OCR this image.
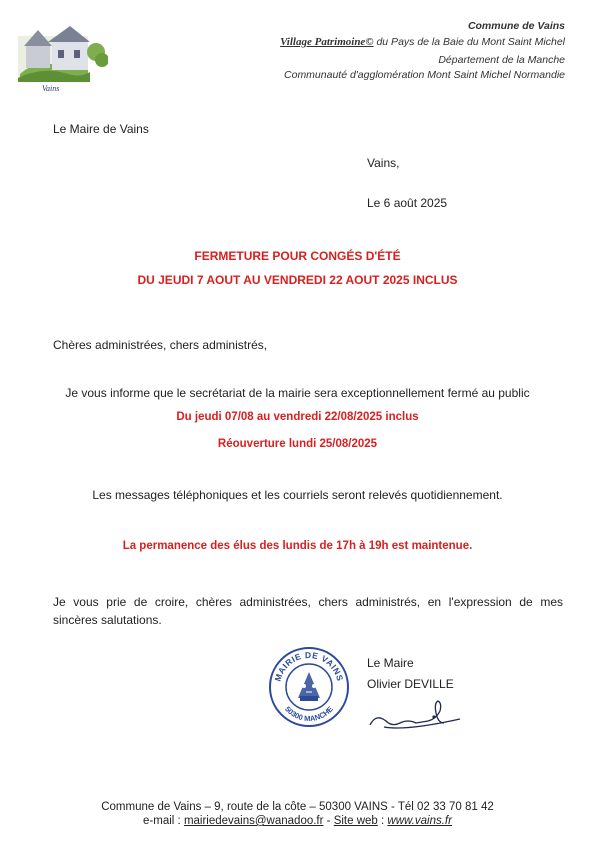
Vains
Commune de Vains
Village Patrimoine© du Pays de la Baie du Mont Saint Michel
Département de la Manche
Communauté d'agglomération Mont Saint Michel Normandie
Le Maire de Vains
Vains,
Le 6 août 2025
FERMETURE POUR CONGÉS D'ÉTÉ
DU JEUDI 7 AOUT AU VENDREDI 22 AOUT 2025 INCLUS
Chères administrées, chers administrés,
Je vous informe que le secrétariat de la mairie sera exceptionnellement fermé au public
Du jeudi 07/08 au vendredi 22/08/2025 inclus
Réouverture lundi 25/08/2025
Les messages téléphoniques et les courriels seront relevés quotidiennement.
La permanence des élus des lundis de 17h à 19h est maintenue.
Je vous prie de croire, chères administrées, chers administrés, en l'expression de mes
sincères salutations.
MAIRIE DE VAINS
50300 MANCHE
Le Maire
Olivier DEVILLE
Commune de Vains – 9, route de la côte – 50300 VAINS - Tél 02 33 70 81 42
e-mail : mairiedevains@wanadoo.fr - Site web : www.vains.fr
